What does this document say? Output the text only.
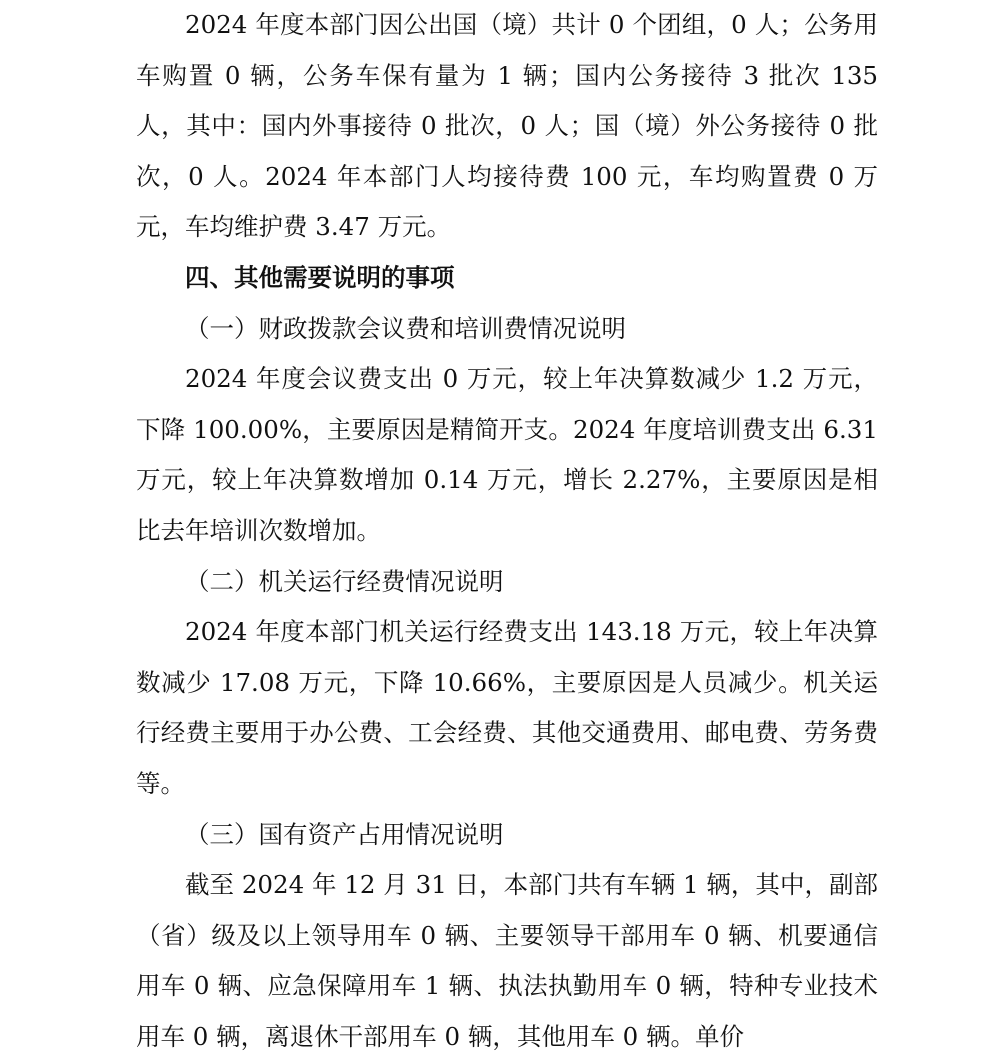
2024 年度本部门因公出国（境）共计 0 个团组，0 人；公务用车购置 0 辆，公务车保有量为 1 辆；国内公务接待 3 批次 135 人，其中：国内外事接待 0 批次，0 人；国（境）外公务接待 0 批次，0 人。2024 年本部门人均接待费 100 元，车均购置费 0 万元，车均维护费 3.47 万元。

四、其他需要说明的事项

（一）财政拨款会议费和培训费情况说明

2024 年度会议费支出 0 万元，较上年决算数减少 1.2 万元，下降 100.00%，主要原因是精简开支。2024 年度培训费支出 6.31 万元，较上年决算数增加 0.14 万元，增长 2.27%，主要原因是相比去年培训次数增加。

（二）机关运行经费情况说明

2024 年度本部门机关运行经费支出 143.18 万元，较上年决算数减少 17.08 万元，下降 10.66%，主要原因是人员减少。机关运行经费主要用于办公费、工会经费、其他交通费用、邮电费、劳务费等。

（三）国有资产占用情况说明

截至 2024 年 12 月 31 日，本部门共有车辆 1 辆，其中，副部（省）级及以上领导用车 0 辆、主要领导干部用车 0 辆、机要通信用车 0 辆、应急保障用车 1 辆、执法执勤用车 0 辆，特种专业技术用车 0 辆，离退休干部用车 0 辆，其他用车 0 辆。单价
